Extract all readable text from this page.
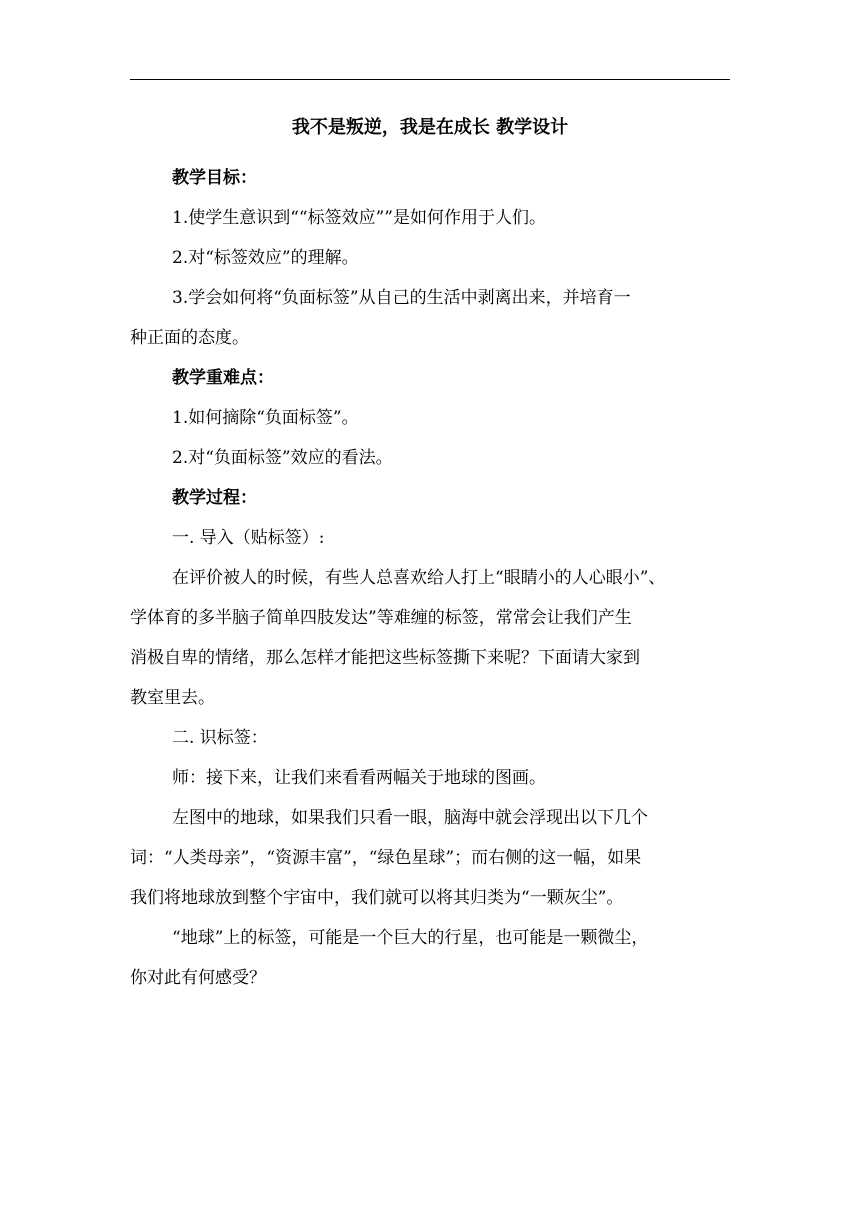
我不是叛逆，我是在成长 教学设计

教学目标：

1.使学生意识到““标签效应””是如何作用于人们。

2.对“标签效应”的理解。

3.学会如何将“负面标签”从自己的生活中剥离出来，并培育一

种正面的态度。

教学重难点：

1.如何摘除“负面标签”。

2.对“负面标签”效应的看法。

教学过程：

一. 导入（贴标签）:

在评价被人的时候，有些人总喜欢给人打上“眼睛小的人心眼小”、

学体育的多半脑子简单四肢发达”等难缠的标签，常常会让我们产生

消极自卑的情绪，那么怎样才能把这些标签撕下来呢？下面请大家到

教室里去。

二. 识标签：

师：接下来，让我们来看看两幅关于地球的图画。

左图中的地球，如果我们只看一眼，脑海中就会浮现出以下几个

词：“人类母亲”，“资源丰富”，“绿色星球”；而右侧的这一幅，如果

我们将地球放到整个宇宙中，我们就可以将其归类为“一颗灰尘”。

“地球”上的标签，可能是一个巨大的行星，也可能是一颗微尘，

你对此有何感受？
